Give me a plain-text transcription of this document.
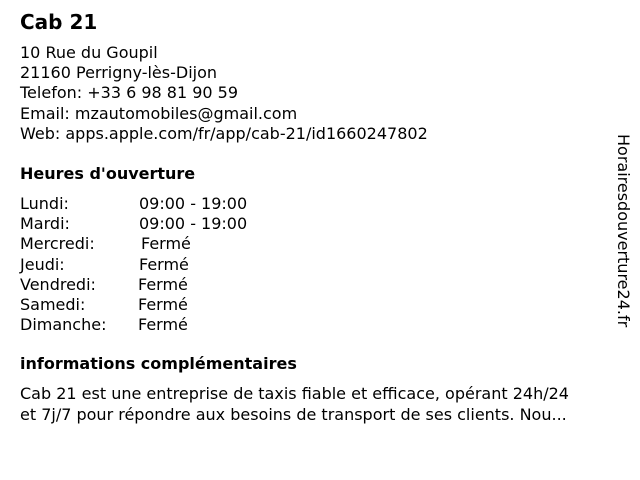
Cab 21
10 Rue du Goupil
21160 Perrigny-lès-Dijon
Telefon: +33 6 98 81 90 59
Email: mzautomobiles@gmail.com
Web: apps.apple.com/fr/app/cab-21/id1660247802
Heures d'ouverture
Lundi:	09:00 - 19:00
Mardi:	09:00 - 19:00
Mercredi:	Fermé
Jeudi:	Fermé
Vendredi:	Fermé
Samedi:	Fermé
Dimanche: Fermé
informations complémentaires
Cab 21 est une entreprise de taxis fiable et efficace, opérant 24h/24
et 7j/7 pour répondre aux besoins de transport de ses clients. Nou...
Horairesdouverture24.fr
